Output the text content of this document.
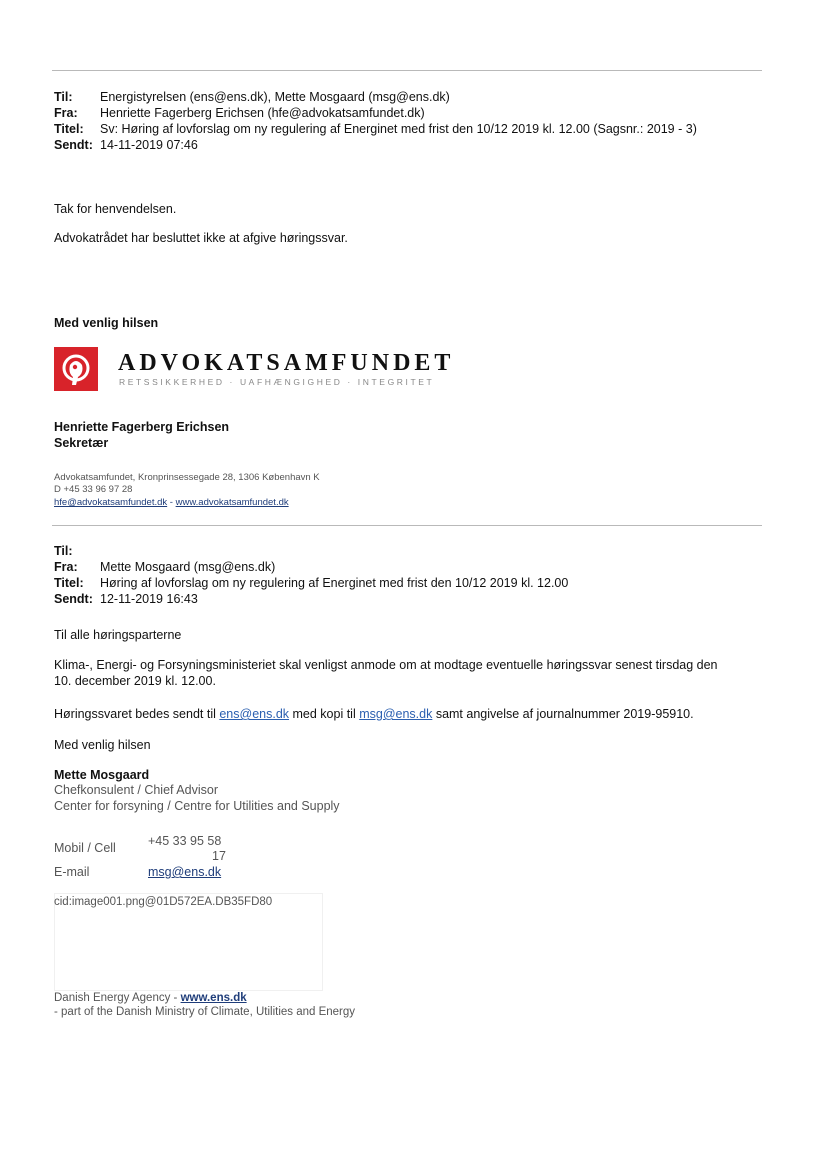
Til: Energistyrelsen (ens@ens.dk), Mette Mosgaard (msg@ens.dk)
Fra: Henriette Fagerberg Erichsen (hfe@advokatsamfundet.dk)
Titel: Sv: Høring af lovforslag om ny regulering af Energinet med frist den 10/12 2019 kl. 12.00 (Sagsnr.: 2019 - 3)
Sendt: 14-11-2019 07:46
Tak for henvendelsen.
Advokatrådet har besluttet ikke at afgive høringssvar.
Med venlig hilsen
ADVOKATSAMFUNDET
RETSSIKKERHED · UAFHÆNGIGHED · INTEGRITET
Henriette Fagerberg Erichsen
Sekretær
Advokatsamfundet, Kronprinsessegade 28, 1306 København K
D +45 33 96 97 28
hfe@advokatsamfundet.dk - www.advokatsamfundet.dk
Til:
Fra: Mette Mosgaard (msg@ens.dk)
Titel: Høring af lovforslag om ny regulering af Energinet med frist den 10/12 2019 kl. 12.00
Sendt: 12-11-2019 16:43
Til alle høringsparterne
Klima-, Energi- og Forsyningsministeriet skal venligst anmode om at modtage eventuelle høringssvar senest tirsdag den
10. december 2019 kl. 12.00.
Høringssvaret bedes sendt til ens@ens.dk med kopi til msg@ens.dk samt angivelse af journalnummer 2019-95910.
Med venlig hilsen
Mette Mosgaard
Chefkonsulent / Chief Advisor
Center for forsyning / Centre for Utilities and Supply
Mobil / Cell	+45 33 95 58
17
E-mail	msg@ens.dk
cid:image001.png@01D572EA.DB35FD80
Danish Energy Agency - www.ens.dk
- part of the Danish Ministry of Climate, Utilities and Energy
